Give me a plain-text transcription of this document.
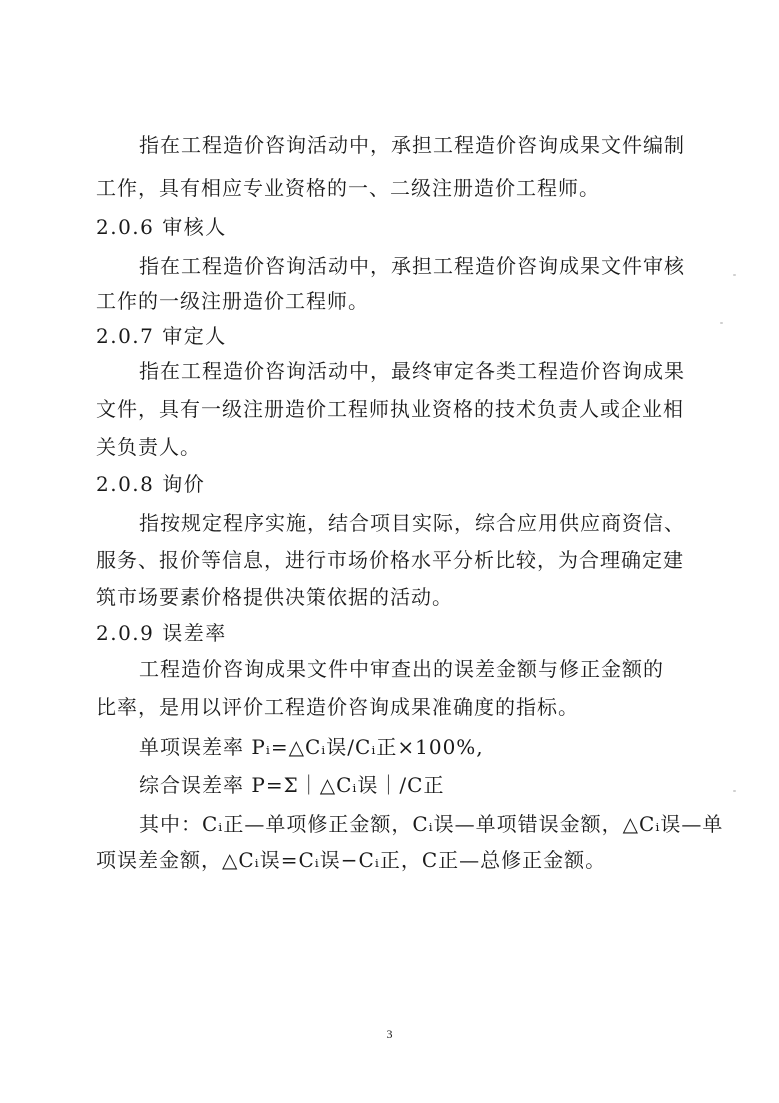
指在工程造价咨询活动中，承担工程造价咨询成果文件编制
工作，具有相应专业资格的一、二级注册造价工程师。
2.0.6 审核人
指在工程造价咨询活动中，承担工程造价咨询成果文件审核
工作的一级注册造价工程师。
2.0.7 审定人
指在工程造价咨询活动中，最终审定各类工程造价咨询成果
文件，具有一级注册造价工程师执业资格的技术负责人或企业相
关负责人。
2.0.8 询价
指按规定程序实施，结合项目实际，综合应用供应商资信、
服务、报价等信息，进行市场价格水平分析比较，为合理确定建
筑市场要素价格提供决策依据的活动。
2.0.9 误差率
工程造价咨询成果文件中审查出的误差金额与修正金额的
比率，是用以评价工程造价咨询成果准确度的指标。
单项误差率 Pᵢ=△Cᵢ误/Cᵢ正×100%,
综合误差率 P=Σ｜△Cᵢ误｜/C正
其中：Cᵢ正—单项修正金额，Cᵢ误—单项错误金额，△Cᵢ误—单
项误差金额，△Cᵢ误=Cᵢ误−Cᵢ正，C正—总修正金额。
3
